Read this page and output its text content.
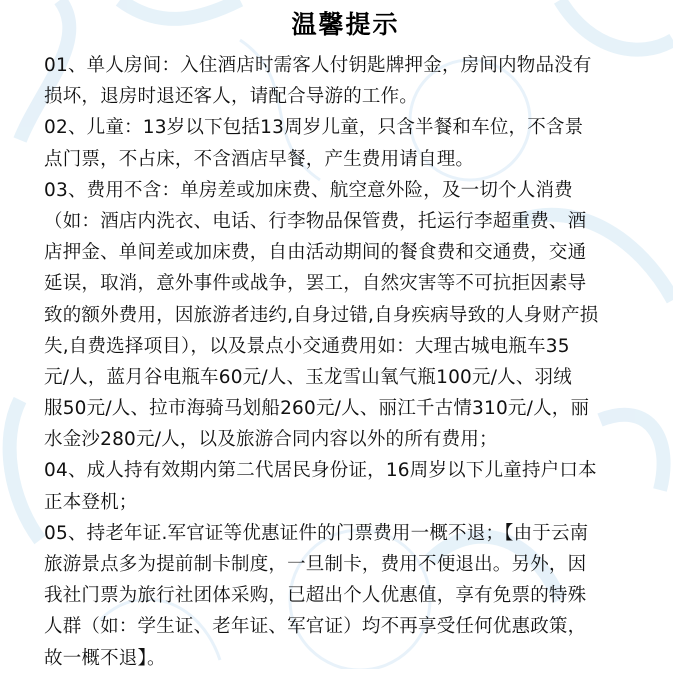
温馨提示
01、单人房间：入住酒店时需客人付钥匙牌押金，房间内物品没有
损坏，退房时退还客人，请配合导游的工作。
02、儿童：13岁以下包括13周岁儿童，只含半餐和车位，不含景
点门票，不占床，不含酒店早餐，产生费用请自理。
03、费用不含：单房差或加床费、航空意外险，及一切个人消费
（如：酒店内洗衣、电话、行李物品保管费，托运行李超重费、酒
店押金、单间差或加床费，自由活动期间的餐食费和交通费，交通
延误，取消，意外事件或战争，罢工，自然灾害等不可抗拒因素导
致的额外费用，因旅游者违约,自身过错,自身疾病导致的人身财产损
失,自费选择项目），以及景点小交通费用如：大理古城电瓶车35
元/人，蓝月谷电瓶车60元/人、玉龙雪山氧气瓶100元/人、羽绒
服50元/人、拉市海骑马划船260元/人、丽江千古情310元/人，丽
水金沙280元/人，以及旅游合同内容以外的所有费用；
04、成人持有效期内第二代居民身份证，16周岁以下儿童持户口本
正本登机；
05、持老年证.军官证等优惠证件的门票费用一概不退；【由于云南
旅游景点多为提前制卡制度，一旦制卡，费用不便退出。另外，因
我社门票为旅行社团体采购，已超出个人优惠值，享有免票的特殊
人群（如：学生证、老年证、军官证）均不再享受任何优惠政策，
故一概不退】。
